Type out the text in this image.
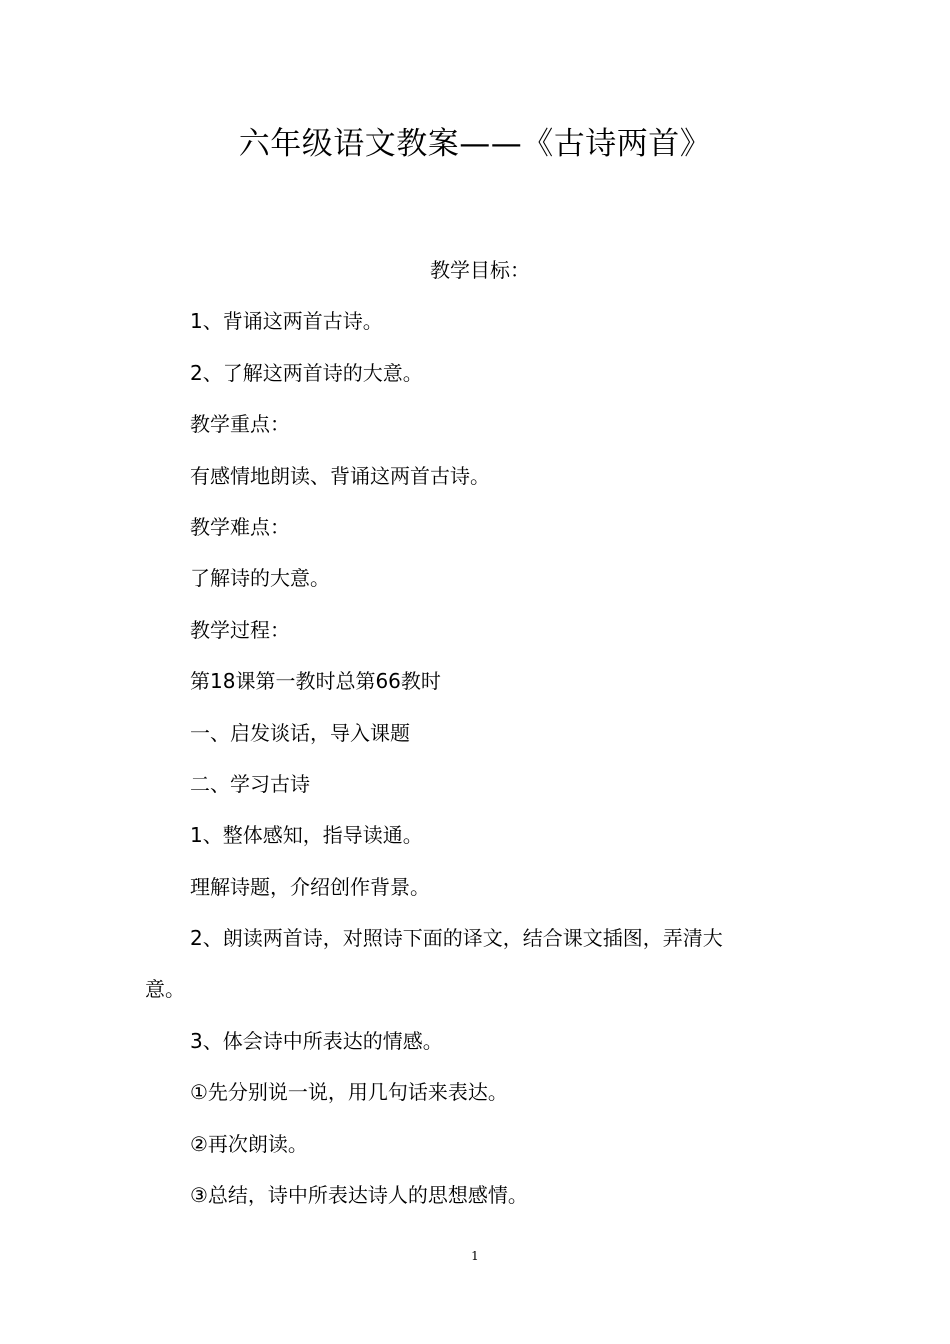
六年级语文教案——《古诗两首》
教学目标：
1、背诵这两首古诗。
2、了解这两首诗的大意。
教学重点：
有感情地朗读、背诵这两首古诗。
教学难点：
了解诗的大意。
教学过程：
第18课第一教时总第66教时
一、启发谈话，导入课题
二、学习古诗
1、整体感知，指导读通。
理解诗题，介绍创作背景。
2、朗读两首诗，对照诗下面的译文，结合课文插图，弄清大
意。
3、体会诗中所表达的情感。
①先分别说一说，用几句话来表达。
②再次朗读。
③总结，诗中所表达诗人的思想感情。
1
